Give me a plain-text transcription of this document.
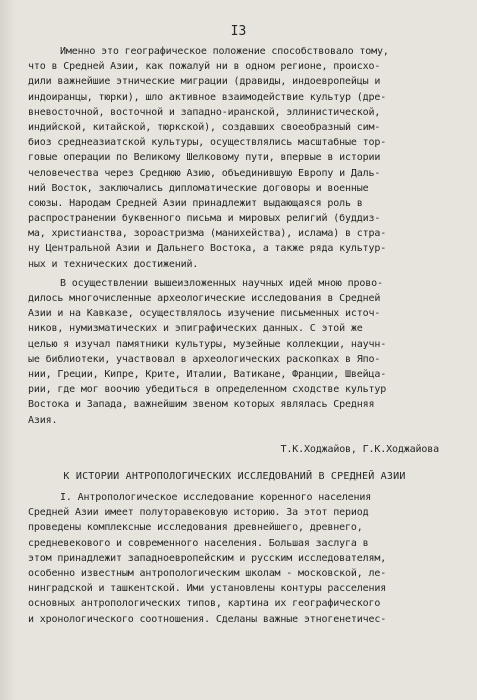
I3
Именно это географическое положение способствовало тому,
что в Средней Азии, как пожалуй ни в одном регионе, происхо-
дили важнейшие этнические миграции (дравиды, индоевропейцы и
индоиранцы, тюрки), шло активное взаимодействие культур (дре-
вневосточной, восточной и западно-иранской, эллинистической,
индийской, китайской, тюркской), создавших своеобразный сим-
биоз среднеазиатской культуры, осуществлялись масштабные тор-
говые операции по Великому Шелковому пути, впервые в истории
человечества через Среднюю Азию, объединившую Европу и Даль-
ний Восток, заключались дипломатические договоры и военные
союзы. Народам Средней Азии принадлежит выдающаяся роль в
распространении буквенного письма и мировых религий (буддиз-
ма, христианства, зороастризма (манихейства), ислама) в стра-
ну Центральной Азии и Дальнего Востока, а также ряда культур-
ных и технических достижений.
В осуществлении вышеизложенных научных идей мною прово-
дилось многочисленные археологические исследования в Средней
Азии и на Кавказе, осуществлялось изучение письменных источ-
ников, нумизматических и эпиграфических данных. С этой же
целью я изучал памятники культуры, музейные коллекции, научн-
ые библиотеки, участвовал в археологических раскопках в Япо-
нии, Греции, Кипре, Крите, Италии, Ватикане, Франции, Швейца-
рии, где мог воочию убедиться в определенном сходстве культур
Востока и Запада, важнейшим звеном которых являлась Средняя
Азия.
Т.К.Ходжайов, Г.К.Ходжайова
К ИСТОРИИ АНТРОПОЛОГИЧЕСКИХ ИССЛЕДОВАНИЙ В СРЕДНЕЙ АЗИИ
I. Антропологическое исследование коренного населения
Средней Азии имеет полуторавековую историю. За этот период
проведены комплексные исследования древнейшего, древнего,
средневекового и современного населения. Большая заслуга в
этом принадлежит западноевропейским и русским исследователям,
особенно известным антропологическим школам - московской, ле-
нинградской и ташкентской. Ими установлены контуры расселения
основных антропологических типов, картина их географического
и хронологического соотношения. Сделаны важные этногенетичес-
